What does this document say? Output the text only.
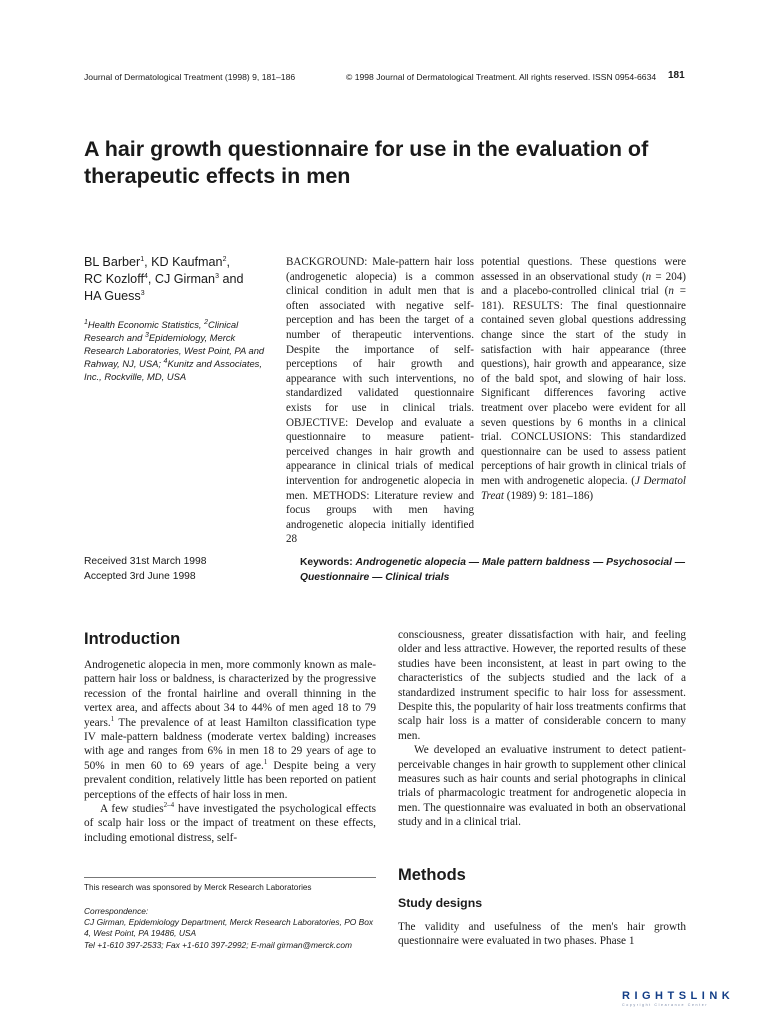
Journal of Dermatological Treatment (1998) 9, 181–186	© 1998 Journal of Dermatological Treatment. All rights reserved. ISSN 0954-6634 181
A hair growth questionnaire for use in the evaluation of therapeutic effects in men
BL Barber$^1$, KD Kaufman$^2$,
RC Kozloff$^4$, CJ Girman$^3$ and
HA Guess$^3$
$^1$Health Economic Statistics, $^2$Clinical Research and $^3$Epidemiology, Merck Research Laboratories, West Point, PA and Rahway, NJ, USA; $^4$Kunitz and Associates, Inc., Rockville, MD, USA
BACKGROUND: Male-pattern hair loss (androgenetic alopecia) is a common clinical condition in adult men that is often associated with negative self-perception and has been the target of a number of therapeutic interventions. Despite the importance of self-perceptions of hair growth and appearance with such interventions, no standardized validated questionnaire exists for use in clinical trials. OBJECTIVE: Develop and evaluate a questionnaire to measure patient-perceived changes in hair growth and appearance in clinical trials of medical intervention for androgenetic alopecia in men. METHODS: Literature review and focus groups with men having androgenetic alopecia initially identified 28
potential questions. These questions were assessed in an observational study (n = 204) and a placebo-controlled clinical trial (n = 181). RESULTS: The final questionnaire contained seven global questions addressing change since the start of the study in satisfaction with hair appearance (three questions), hair growth and appearance, size of the bald spot, and slowing of hair loss. Significant differences favoring active treatment over placebo were evident for all seven questions by 6 months in a clinical trial. CONCLUSIONS: This standardized questionnaire can be used to assess patient perceptions of hair growth in clinical trials of men with androgenetic alopecia. (J Dermatol Treat (1989) 9: 181–186)
Received 31st March 1998
Accepted 3rd June 1998
Keywords: Androgenetic alopecia — Male pattern baldness — Psychosocial — Questionnaire — Clinical trials
Introduction

Androgenetic alopecia in men, more commonly known as male-pattern hair loss or baldness, is characterized by the progressive recession of the frontal hairline and overall thinning in the vertex area, and affects about 34 to 44% of men aged 18 to 79 years.$^1$ The prevalence of at least Hamilton classification type IV male-pattern baldness (moderate vertex balding) increases with age and ranges from 6% in men 18 to 29 years of age to 50% in men 60 to 69 years of age.$^1$ Despite being a very prevalent condition, relatively little has been reported on patient perceptions of the effects of hair loss in men.

A few studies$^{2-4}$ have investigated the psychological effects of scalp hair loss or the impact of treatment on these effects, including emotional distress, self-

consciousness, greater dissatisfaction with hair, and feeling older and less attractive. However, the reported results of these studies have been inconsistent, at least in part owing to the characteristics of the subjects studied and the lack of a standardized instrument specific to hair loss for assessment. Despite this, the popularity of hair loss treatments confirms that scalp hair loss is a matter of considerable concern to many men.

We developed an evaluative instrument to detect patient-perceivable changes in hair growth to supplement other clinical measures such as hair counts and serial photographs in clinical trials of pharmacologic treatment for androgenetic alopecia in men. The questionnaire was evaluated in both an observational study and in a clinical trial.

Methods
Study designs

The validity and usefulness of the men's hair growth questionnaire were evaluated in two phases. Phase 1

This research was sponsored by Merck Research Laboratories
Correspondence:
CJ Girman, Epidemiology Department, Merck Research Laboratories, PO Box 4, West Point, PA 19486, USA
Tel +1-610 397-2533; Fax +1-610 397-2992; E-mail girman@merck.com
RIGHTSLINK
Copyright Clearance Center
